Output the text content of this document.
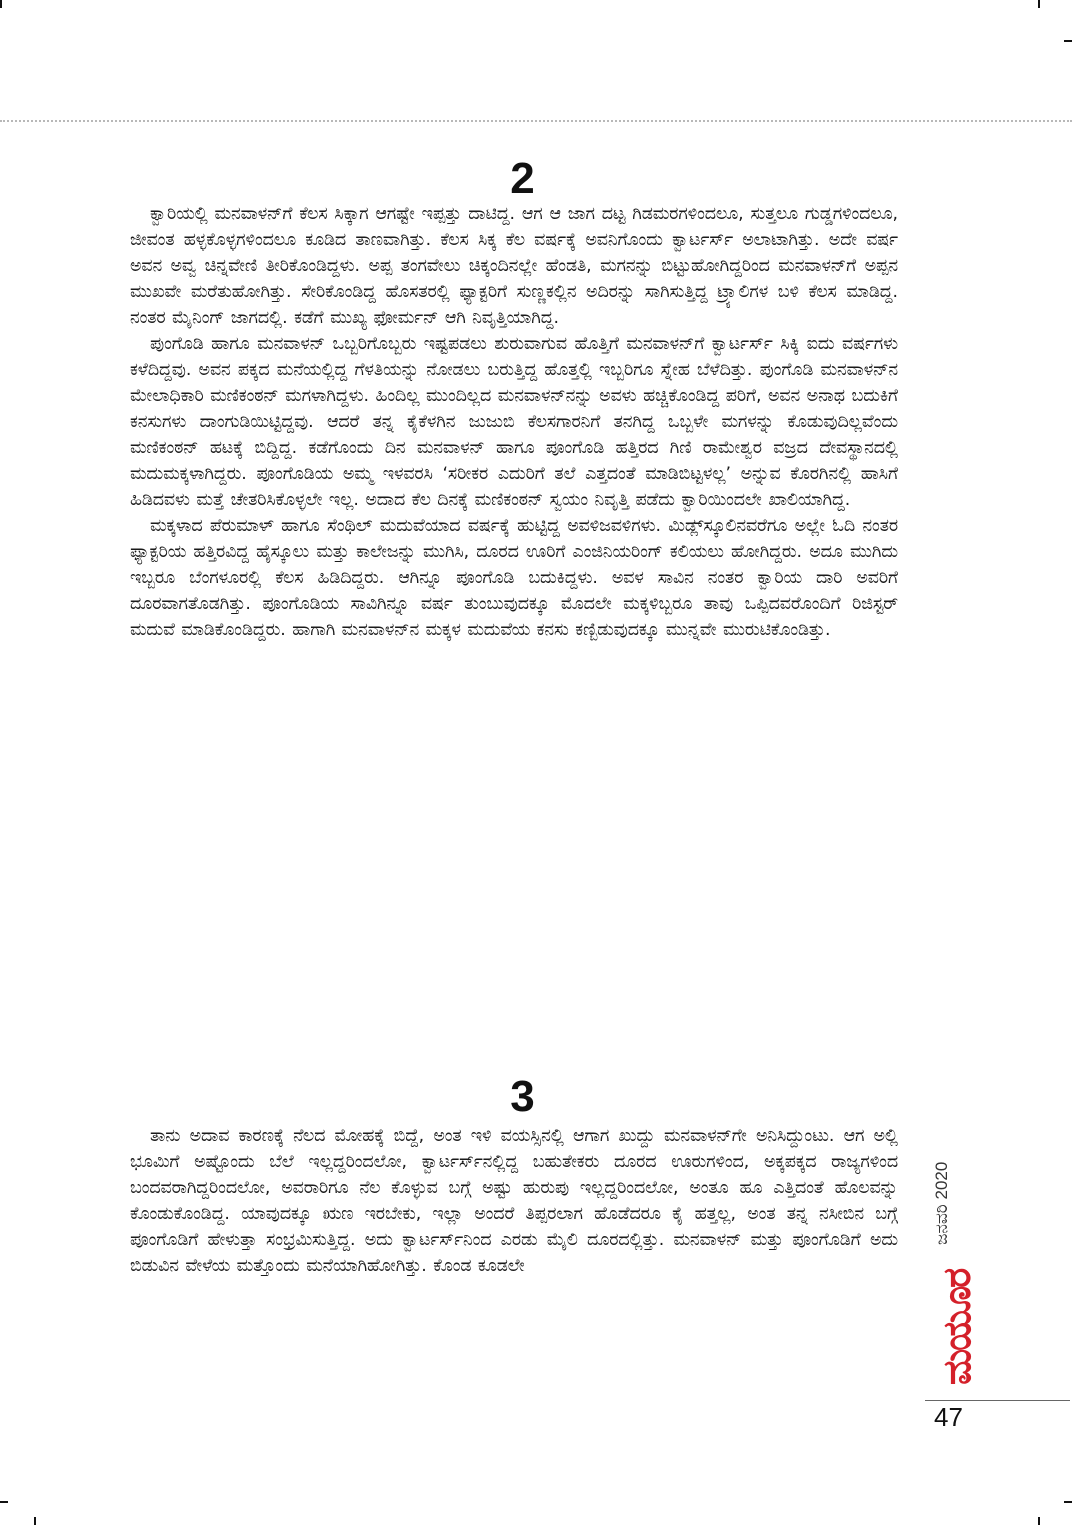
2

ಕ್ವಾರಿಯಲ್ಲಿ ಮನವಾಳನ್‌ಗೆ ಕೆಲಸ ಸಿಕ್ಕಾಗ ಆಗಷ್ಟೇ ಇಪ್ಪತ್ತು ದಾಟಿದ್ದ. ಆಗ ಆ ಜಾಗ ದಟ್ಟ ಗಿಡಮರಗಳಿಂದಲೂ, ಸುತ್ತಲೂ ಗುಡ್ಡಗಳಿಂದಲೂ, ಜೀವಂತ ಹಳ್ಳಕೊಳ್ಳಗಳಿಂದಲೂ ಕೂಡಿದ ತಾಣವಾಗಿತ್ತು. ಕೆಲಸ ಸಿಕ್ಕ ಕೆಲ ವರ್ಷಕ್ಕೆ ಅವನಿಗೊಂದು ಕ್ವಾರ್ಟರ್ಸ್ ಅಲಾಟಾಗಿತ್ತು. ಅದೇ ವರ್ಷ ಅವನ ಅವ್ವ ಚಿನ್ನವೇಣಿ ತೀರಿಕೊಂಡಿದ್ದಳು. ಅಪ್ಪ ತಂಗವೇಲು ಚಿಕ್ಕಂದಿನಲ್ಲೇ ಹೆಂಡತಿ, ಮಗನನ್ನು ಬಿಟ್ಟುಹೋಗಿದ್ದರಿಂದ ಮನವಾಳನ್‌ಗೆ ಅಪ್ಪನ ಮುಖವೇ ಮರೆತುಹೋಗಿತ್ತು. ಸೇರಿಕೊಂಡಿದ್ದ ಹೊಸತರಲ್ಲಿ ಫ್ಯಾಕ್ಟರಿಗೆ ಸುಣ್ಣಕಲ್ಲಿನ ಅದಿರನ್ನು ಸಾಗಿಸುತ್ತಿದ್ದ ಟ್ರ್ಯಾಲಿಗಳ ಬಳಿ ಕೆಲಸ ಮಾಡಿದ್ದ. ನಂತರ ಮೈನಿಂಗ್ ಜಾಗದಲ್ಲಿ. ಕಡೆಗೆ ಮುಖ್ಯ ಫೋರ್ಮನ್ ಆಗಿ ನಿವೃತ್ತಿಯಾಗಿದ್ದ.

ಪುಂಗೊಡಿ ಹಾಗೂ ಮನವಾಳನ್ ಒಬ್ಬರಿಗೊಬ್ಬರು ಇಷ್ಟಪಡಲು ಶುರುವಾಗುವ ಹೊತ್ತಿಗೆ ಮನವಾಳನ್‌ಗೆ ಕ್ವಾರ್ಟರ್ಸ್ ಸಿಕ್ಕಿ ಐದು ವರ್ಷಗಳು ಕಳೆದಿದ್ದವು. ಅವನ ಪಕ್ಕದ ಮನೆಯಲ್ಲಿದ್ದ ಗೆಳತಿಯನ್ನು ನೋಡಲು ಬರುತ್ತಿದ್ದ ಹೊತ್ತಲ್ಲಿ ಇಬ್ಬರಿಗೂ ಸ್ನೇಹ ಬೆಳೆದಿತ್ತು. ಪುಂಗೊಡಿ ಮನವಾಳನ್‌ನ ಮೇಲಾಧಿಕಾರಿ ಮಣಿಕಂಠನ್ ಮಗಳಾಗಿದ್ದಳು. ಹಿಂದಿಲ್ಲ ಮುಂದಿಲ್ಲದ ಮನವಾಳನ್‌ನನ್ನು ಅವಳು ಹಚ್ಚಿಕೊಂಡಿದ್ದ ಪರಿಗೆ, ಅವನ ಅನಾಥ ಬದುಕಿಗೆ ಕನಸುಗಳು ದಾಂಗುಡಿಯಿಟ್ಟಿದ್ದವು. ಆದರೆ ತನ್ನ ಕೈಕೆಳಗಿನ ಜುಜುಬಿ ಕೆಲಸಗಾರನಿಗೆ ತನಗಿದ್ದ ಒಬ್ಬಳೇ ಮಗಳನ್ನು ಕೊಡುವುದಿಲ್ಲವೆಂದು ಮಣಿಕಂಠನ್ ಹಟಕ್ಕೆ ಬಿದ್ದಿದ್ದ. ಕಡೆಗೊಂದು ದಿನ ಮನವಾಳನ್ ಹಾಗೂ ಪೂಂಗೊಡಿ ಹತ್ತಿರದ ಗಿಣಿ ರಾಮೇಶ್ವರ ವಜ್ರದ ದೇವಸ್ಥಾನದಲ್ಲಿ ಮದುಮಕ್ಕಳಾಗಿದ್ದರು. ಪೂಂಗೊಡಿಯ ಅಮ್ಮ ಇಳವರಸಿ ‘ಸರೀಕರ ಎದುರಿಗೆ ತಲೆ ಎತ್ತದಂತೆ ಮಾಡಿಬಿಟ್ಟಳಲ್ಲ’ ಅನ್ನುವ ಕೊರಗಿನಲ್ಲಿ ಹಾಸಿಗೆ ಹಿಡಿದವಳು ಮತ್ತೆ ಚೇತರಿಸಿಕೊಳ್ಳಲೇ ಇಲ್ಲ. ಅದಾದ ಕೆಲ ದಿನಕ್ಕೆ ಮಣಿಕಂಠನ್ ಸ್ವಯಂ ನಿವೃತ್ತಿ ಪಡೆದು ಕ್ವಾರಿಯಿಂದಲೇ ಖಾಲಿಯಾಗಿದ್ದ.

ಮಕ್ಕಳಾದ ಪೆರುಮಾಳ್ ಹಾಗೂ ಸೆಂಥಿಲ್ ಮದುವೆಯಾದ ವರ್ಷಕ್ಕೆ ಹುಟ್ಟಿದ್ದ ಅವಳಿಜವಳಿಗಳು. ಮಿಡ್ಲ್‌ಸ್ಕೂಲಿನವರೆಗೂ ಅಲ್ಲೇ ಓದಿ ನಂತರ ಫ್ಯಾಕ್ಟರಿಯ ಹತ್ತಿರವಿದ್ದ ಹೈಸ್ಕೂಲು ಮತ್ತು ಕಾಲೇಜನ್ನು ಮುಗಿಸಿ, ದೂರದ ಊರಿಗೆ ಎಂಜಿನಿಯರಿಂಗ್ ಕಲಿಯಲು ಹೋಗಿದ್ದರು. ಅದೂ ಮುಗಿದು ಇಬ್ಬರೂ ಬೆಂಗಳೂರಲ್ಲಿ ಕೆಲಸ ಹಿಡಿದಿದ್ದರು. ಆಗಿನ್ನೂ ಪೂಂಗೊಡಿ ಬದುಕಿದ್ದಳು. ಅವಳ ಸಾವಿನ ನಂತರ ಕ್ವಾರಿಯ ದಾರಿ ಅವರಿಗೆ ದೂರವಾಗತೊಡಗಿತ್ತು. ಪೂಂಗೊಡಿಯ ಸಾವಿಗಿನ್ನೂ ವರ್ಷ ತುಂಬುವುದಕ್ಕೂ ಮೊದಲೇ ಮಕ್ಕಳಿಬ್ಬರೂ ತಾವು ಒಪ್ಪಿದವರೊಂದಿಗೆ ರಿಜಿಸ್ಟರ್ ಮದುವೆ ಮಾಡಿಕೊಂಡಿದ್ದರು. ಹಾಗಾಗಿ ಮನವಾಳನ್‌ನ ಮಕ್ಕಳ ಮದುವೆಯ ಕನಸು ಕಣ್ಬಿಡುವುದಕ್ಕೂ ಮುನ್ನವೇ ಮುರುಟಿಕೊಂಡಿತ್ತು.

3

ತಾನು ಅದಾವ ಕಾರಣಕ್ಕೆ ನೆಲದ ಮೋಹಕ್ಕೆ ಬಿದ್ದೆ, ಅಂತ ಇಳಿ ವಯಸ್ಸಿನಲ್ಲಿ ಆಗಾಗ ಖುದ್ದು ಮನವಾಳನ್‌ಗೇ ಅನಿಸಿದ್ದುಂಟು. ಆಗ ಅಲ್ಲಿ ಭೂಮಿಗೆ ಅಷ್ಟೊಂದು ಬೆಲೆ ಇಲ್ಲದ್ದರಿಂದಲೋ, ಕ್ವಾರ್ಟರ್ಸ್‌ನಲ್ಲಿದ್ದ ಬಹುತೇಕರು ದೂರದ ಊರುಗಳಿಂದ, ಅಕ್ಕಪಕ್ಕದ ರಾಜ್ಯಗಳಿಂದ ಬಂದವರಾಗಿದ್ದರಿಂದಲೋ, ಅವರಾರಿಗೂ ನೆಲ ಕೊಳ್ಳುವ ಬಗ್ಗೆ ಅಷ್ಟು ಹುರುಪು ಇಲ್ಲದ್ದರಿಂದಲೋ, ಅಂತೂ ಹೂ ಎತ್ತಿದಂತೆ ಹೊಲವನ್ನು ಕೊಂಡುಕೊಂಡಿದ್ದ. ಯಾವುದಕ್ಕೂ ಋಣ ಇರಬೇಕು, ಇಲ್ಲಾ ಅಂದರೆ ತಿಪ್ಪರಲಾಗ ಹೊಡೆದರೂ ಕೈ ಹತ್ತಲ್ಲ, ಅಂತ ತನ್ನ ನಸೀಬಿನ ಬಗ್ಗೆ ಪೂಂಗೊಡಿಗೆ ಹೇಳುತ್ತಾ ಸಂಭ್ರಮಿಸುತ್ತಿದ್ದ. ಅದು ಕ್ವಾರ್ಟರ್ಸ್‌ನಿಂದ ಎರಡು ಮೈಲಿ ದೂರದಲ್ಲಿತ್ತು. ಮನವಾಳನ್ ಮತ್ತು ಪೂಂಗೊಡಿಗೆ ಅದು ಬಿಡುವಿನ ವೇಳೆಯ ಮತ್ತೊಂದು ಮನೆಯಾಗಿಹೋಗಿತ್ತು. ಕೊಂಡ ಕೂಡಲೇ

ಜನವರಿ 2020
ಮಯೂರ
47
